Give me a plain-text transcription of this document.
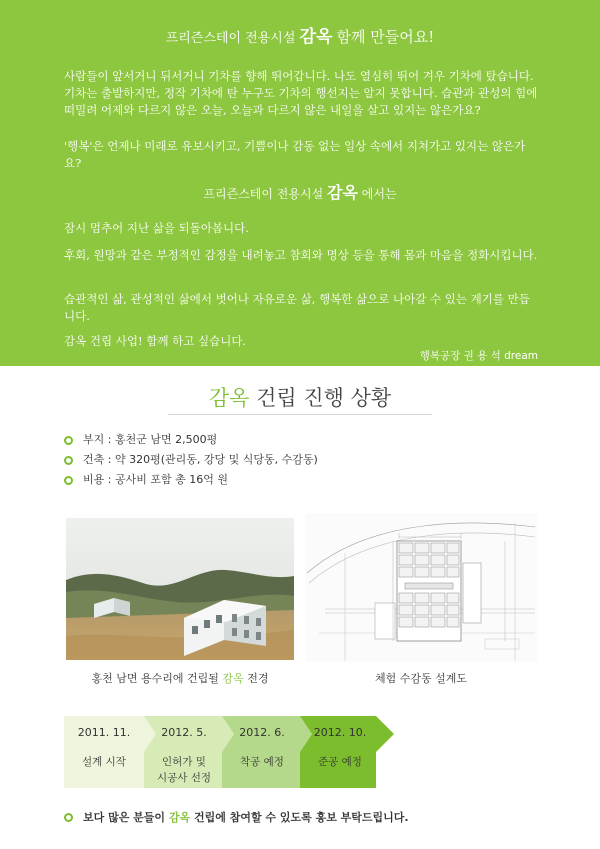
프리즌스테이 전용시설 감옥 함께 만들어요!

사람들이 앞서거니 뒤서거니 기차를 향해 뛰어갑니다. 나도 열심히 뛰어 겨우 기차에 탔습니다. 기차는 출발하지만, 정작 기차에 탄 누구도 기차의 행선지는 알지 못합니다. 습관과 관성의 힘에 떠밀려 어제와 다르지 않은 오늘, 오늘과 다르지 않은 내일을 살고 있지는 않은가요?

'행복'은 언제나 미래로 유보시키고, 기쁨이나 감동 없는 일상 속에서 지쳐가고 있지는 않은가요?

프리즌스테이 전용시설 감옥 에서는

잠시 멈추어 지난 삶을 되돌아봅니다.

후회, 원망과 같은 부정적인 감정을 내려놓고 참회와 명상 등을 통해 몸과 마음을 정화시킵니다.

습관적인 삶, 관성적인 삶에서 벗어나 자유로운 삶, 행복한 삶으로 나아갈 수 있는 계기를 만듭니다.

감옥 건립 사업! 함께 하고 싶습니다.

행복공장 권 용 석 dream
감옥 건립 진행 상황
부지 : 홍천군 남면 2,500평
건축 : 약 320평(관리동, 강당 및 식당동, 수감동)
비용 : 공사비 포함 총 16억 원
홍천 남면 용수리에 건립될 감옥 전경	체험 수감동 설계도
2011. 11.
설계 시작
2012. 5.
인허가 및
시공사 선정
2012. 6.
착공 예정
2012. 10.
준공 예정
보다 많은 분들이
감옥
건립에 참여할 수 있도록 홍보 부탁드립니다.
